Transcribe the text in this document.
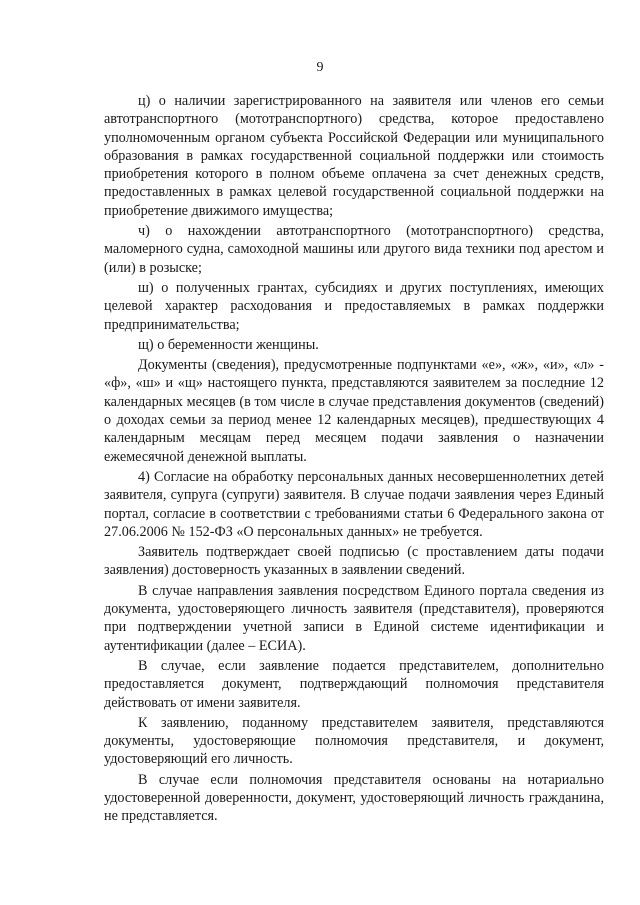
9

ц) о наличии зарегистрированного на заявителя или членов его семьи автотранспортного (мототранспортного) средства, которое предоставлено уполномоченным органом субъекта Российской Федерации или муниципального образования в рамках государственной социальной поддержки или стоимость приобретения которого в полном объеме оплачена за счет денежных средств, предоставленных в рамках целевой государственной социальной поддержки на приобретение движимого имущества;

ч) о нахождении автотранспортного (мототранспортного) средства, маломерного судна, самоходной машины или другого вида техники под арестом и (или) в розыске;

ш) о полученных грантах, субсидиях и других поступлениях, имеющих целевой характер расходования и предоставляемых в рамках поддержки предпринимательства;

щ) о беременности женщины.

Документы (сведения), предусмотренные подпунктами «е», «ж», «и», «л» - «ф», «ш» и «щ» настоящего пункта, представляются заявителем за последние 12 календарных месяцев (в том числе в случае представления документов (сведений) о доходах семьи за период менее 12 календарных месяцев), предшествующих 4 календарным месяцам перед месяцем подачи заявления о назначении ежемесячной денежной выплаты.

4) Согласие на обработку персональных данных несовершеннолетних детей заявителя, супруга (супруги) заявителя. В случае подачи заявления через Единый портал, согласие в соответствии с требованиями статьи 6 Федерального закона от 27.06.2006 № 152-ФЗ «О персональных данных» не требуется.

Заявитель подтверждает своей подписью (с проставлением даты подачи заявления) достоверность указанных в заявлении сведений.

В случае направления заявления посредством Единого портала сведения из документа, удостоверяющего личность заявителя (представителя), проверяются при подтверждении учетной записи в Единой системе идентификации и аутентификации (далее – ЕСИА).

В случае, если заявление подается представителем, дополнительно предоставляется документ, подтверждающий полномочия представителя действовать от имени заявителя.

К заявлению, поданному представителем заявителя, представляются документы, удостоверяющие полномочия представителя, и документ, удостоверяющий его личность.

В случае если полномочия представителя основаны на нотариально удостоверенной доверенности, документ, удостоверяющий личность гражданина, не представляется.
